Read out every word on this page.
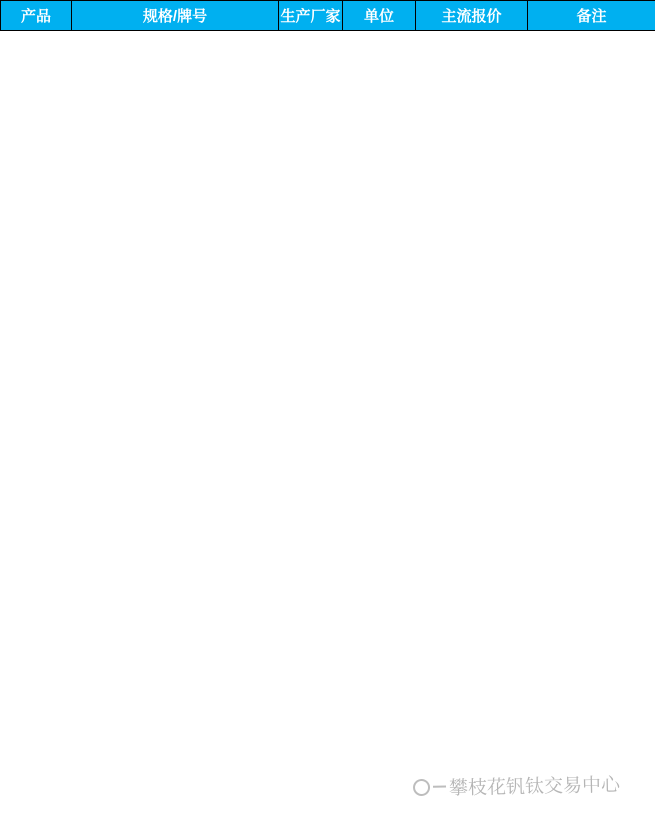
产品	规格/牌号	生产厂家	单位	主流报价	备注
攀枝花钒钛交易中心
